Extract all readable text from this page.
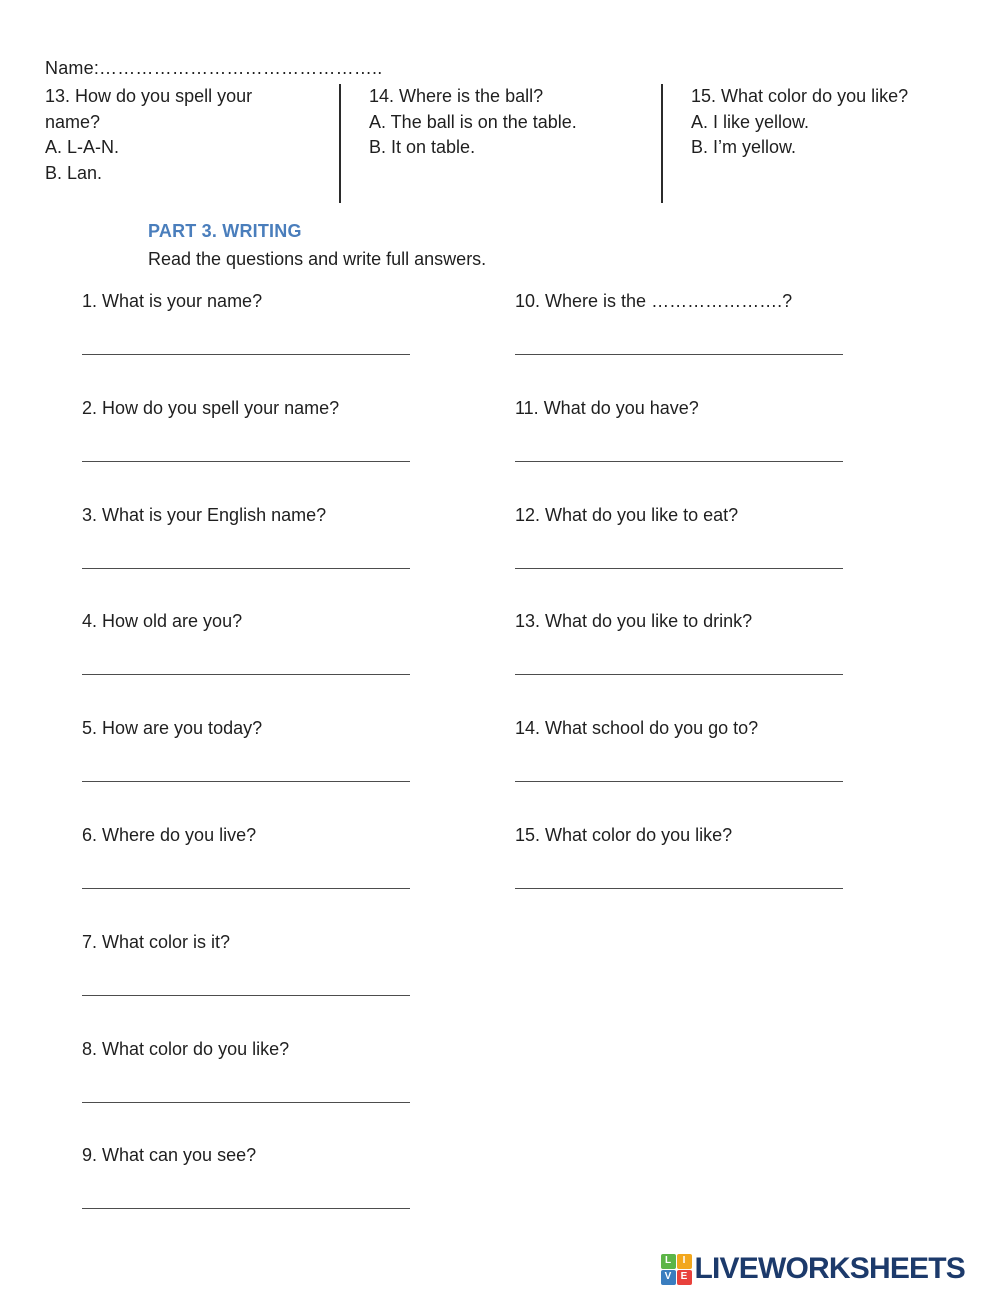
Name:………………………………………..
13. How do you spell your name?
A. L-A-N.
B. Lan.
14. Where is the ball?
A. The ball is on the table.
B. It on table.
15. What color do you like?
A. I like yellow.
B. I’m yellow.
PART 3. WRITING
Read the questions and write full answers.
1. What is your name?
2. How do you spell your name?
3. What is your English name?
4. How old are you?
5. How are you today?
6. Where do you live?
7. What color is it?
8. What color do you like?
9. What can you see?
10. Where is the ………………….?
11. What do you have?
12. What do you like to eat?
13. What do you like to drink?
14. What school do you go to?
15. What color do you like?
L	I
V E LIVEWORKSHEETS
